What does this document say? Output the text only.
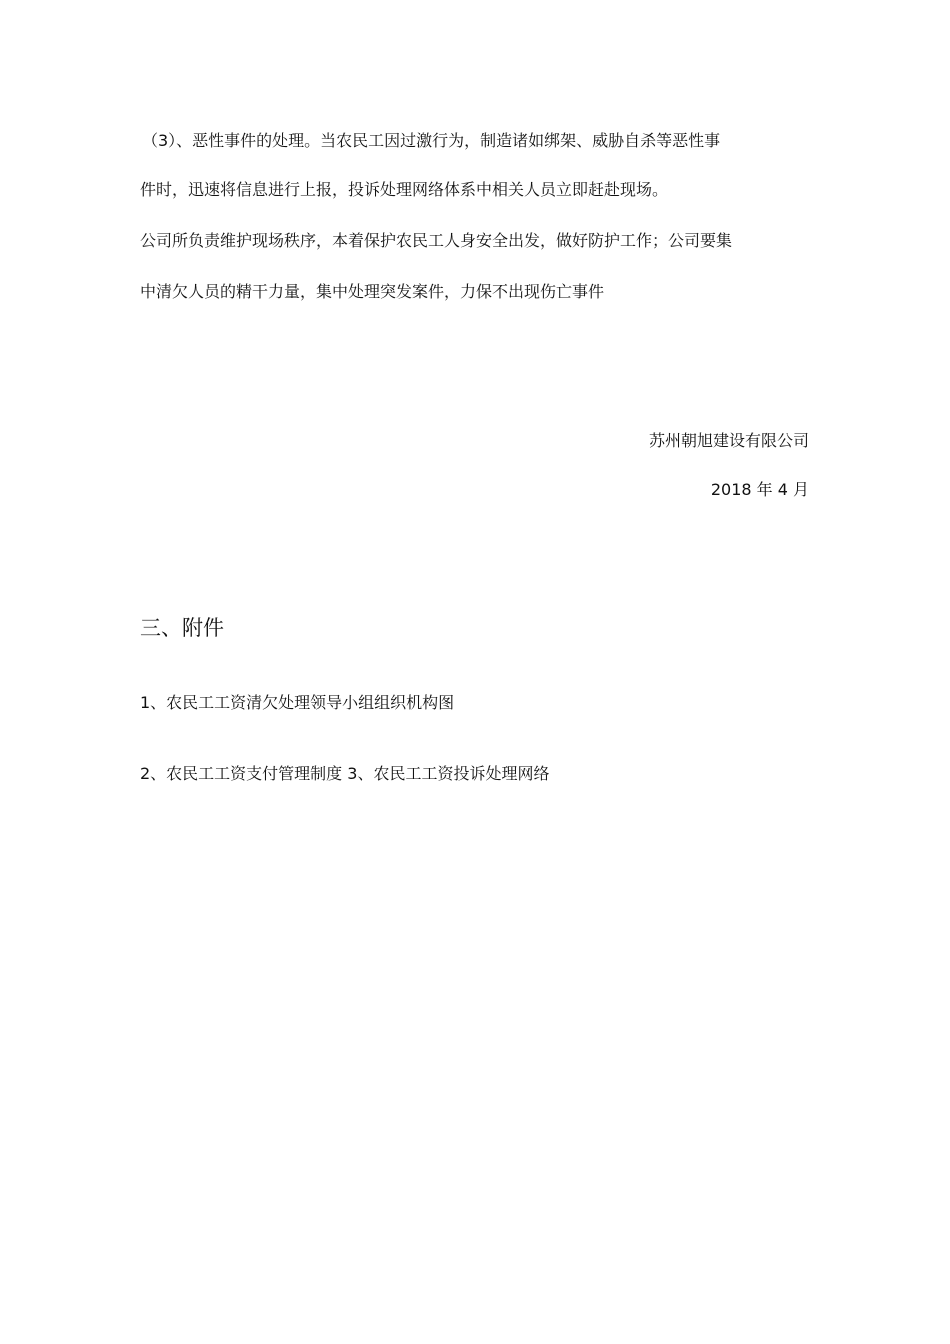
（3）、恶性事件的处理。当农民工因过激行为，制造诸如绑架、威胁自杀等恶性事
件时，迅速将信息进行上报，投诉处理网络体系中相关人员立即赶赴现场。
公司所负责维护现场秩序，本着保护农民工人身安全出发，做好防护工作；公司要集
中清欠人员的精干力量，集中处理突发案件，力保不出现伤亡事件
苏州朝旭建设有限公司
2018 年 4 月
三、附件
1、农民工工资清欠处理领导小组组织机构图
2、农民工工资支付管理制度 3、农民工工资投诉处理网络
